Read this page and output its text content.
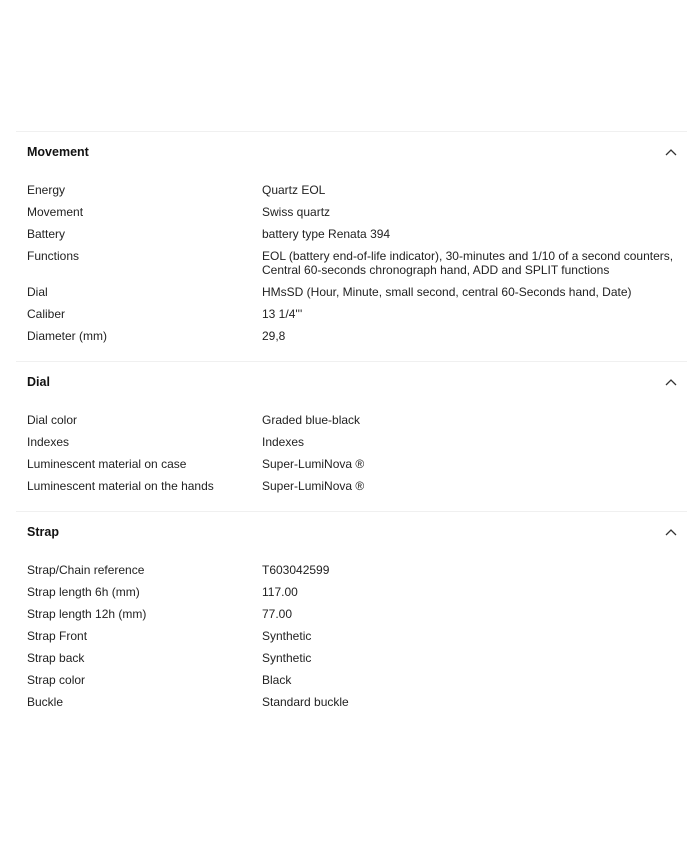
Movement
Energy	Quartz EOL
Movement	Swiss quartz
Battery	battery type Renata 394
Functions	EOL (battery end-of-life indicator), 30-minutes and 1/10 of a second counters, Central 60-seconds chronograph hand, ADD and SPLIT functions
Dial	HMsSD (Hour, Minute, small second, central 60-Seconds hand, Date)
Caliber	13 1/4'''
Diameter (mm)	29,8
Dial
Dial color	Graded blue-black
Indexes	Indexes
Luminescent material on case	Super-LumiNova ®
Luminescent material on the hands	Super-LumiNova ®
Strap
Strap/Chain reference	T603042599
Strap length 6h (mm)	117.00
Strap length 12h (mm)	77.00
Strap Front	Synthetic
Strap back	Synthetic
Strap color	Black
Buckle	Standard buckle
